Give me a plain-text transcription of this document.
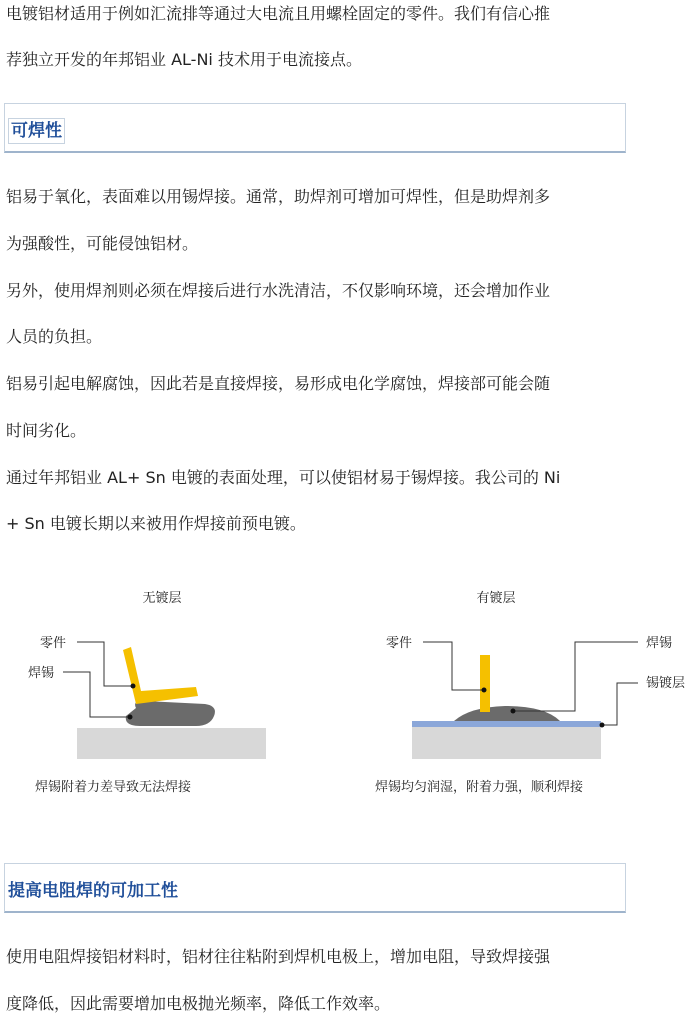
电镀铝材适用于例如汇流排等通过大电流且用螺栓固定的零件。我们有信心推

荐独立开发的年邦铝业 AL-Ni 技术用于电流接点。

可焊性

铝易于氧化，表面难以用锡焊接。通常，助焊剂可增加可焊性，但是助焊剂多

为强酸性，可能侵蚀铝材。

另外，使用焊剂则必须在焊接后进行水洗清洁，不仅影响环境，还会增加作业

人员的负担。

铝易引起电解腐蚀，因此若是直接焊接，易形成电化学腐蚀，焊接部可能会随

时间劣化。

通过年邦铝业 AL+ Sn 电镀的表面处理，可以使铝材易于锡焊接。我公司的 Ni

+ Sn 电镀长期以来被用作焊接前预电镀。

无镀层
零件
焊锡
焊锡附着力差导致无法焊接
有镀层
零件	焊锡
锡镀层
焊锡均匀润湿，附着力强，顺利焊接
提高电阻焊的可加工性

使用电阻焊接铝材料时，铝材往往粘附到焊机电极上，增加电阻，导致焊接强

度降低，因此需要增加电极抛光频率，降低工作效率。
